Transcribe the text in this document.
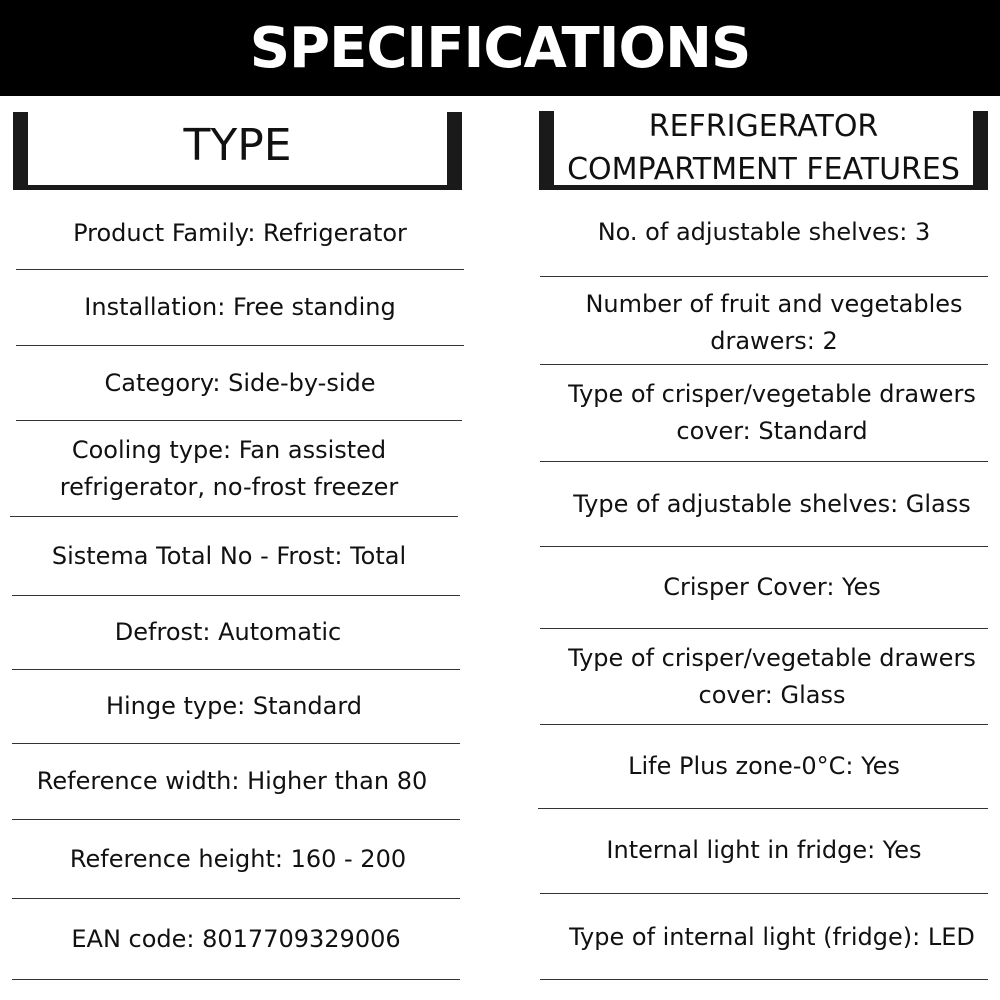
SPECIFICATIONS
TYPE	REFRIGERATOR
COMPARTMENT FEATURES
Product Family: Refrigerator
Installation: Free standing
Category: Side-by-side
Cooling type: Fan assisted refrigerator, no-frost freezer
Sistema Total No - Frost: Total
Defrost: Automatic
Hinge type: Standard
Reference width: Higher than 80
Reference height: 160 - 200
EAN code: 8017709329006
No. of adjustable shelves: 3
Number of fruit and vegetables drawers: 2
Type of crisper/vegetable drawers cover: Standard
Type of adjustable shelves: Glass
Crisper Cover: Yes
Type of crisper/vegetable drawers cover: Glass
Life Plus zone-0°C: Yes
Internal light in fridge: Yes
Type of internal light (fridge): LED
